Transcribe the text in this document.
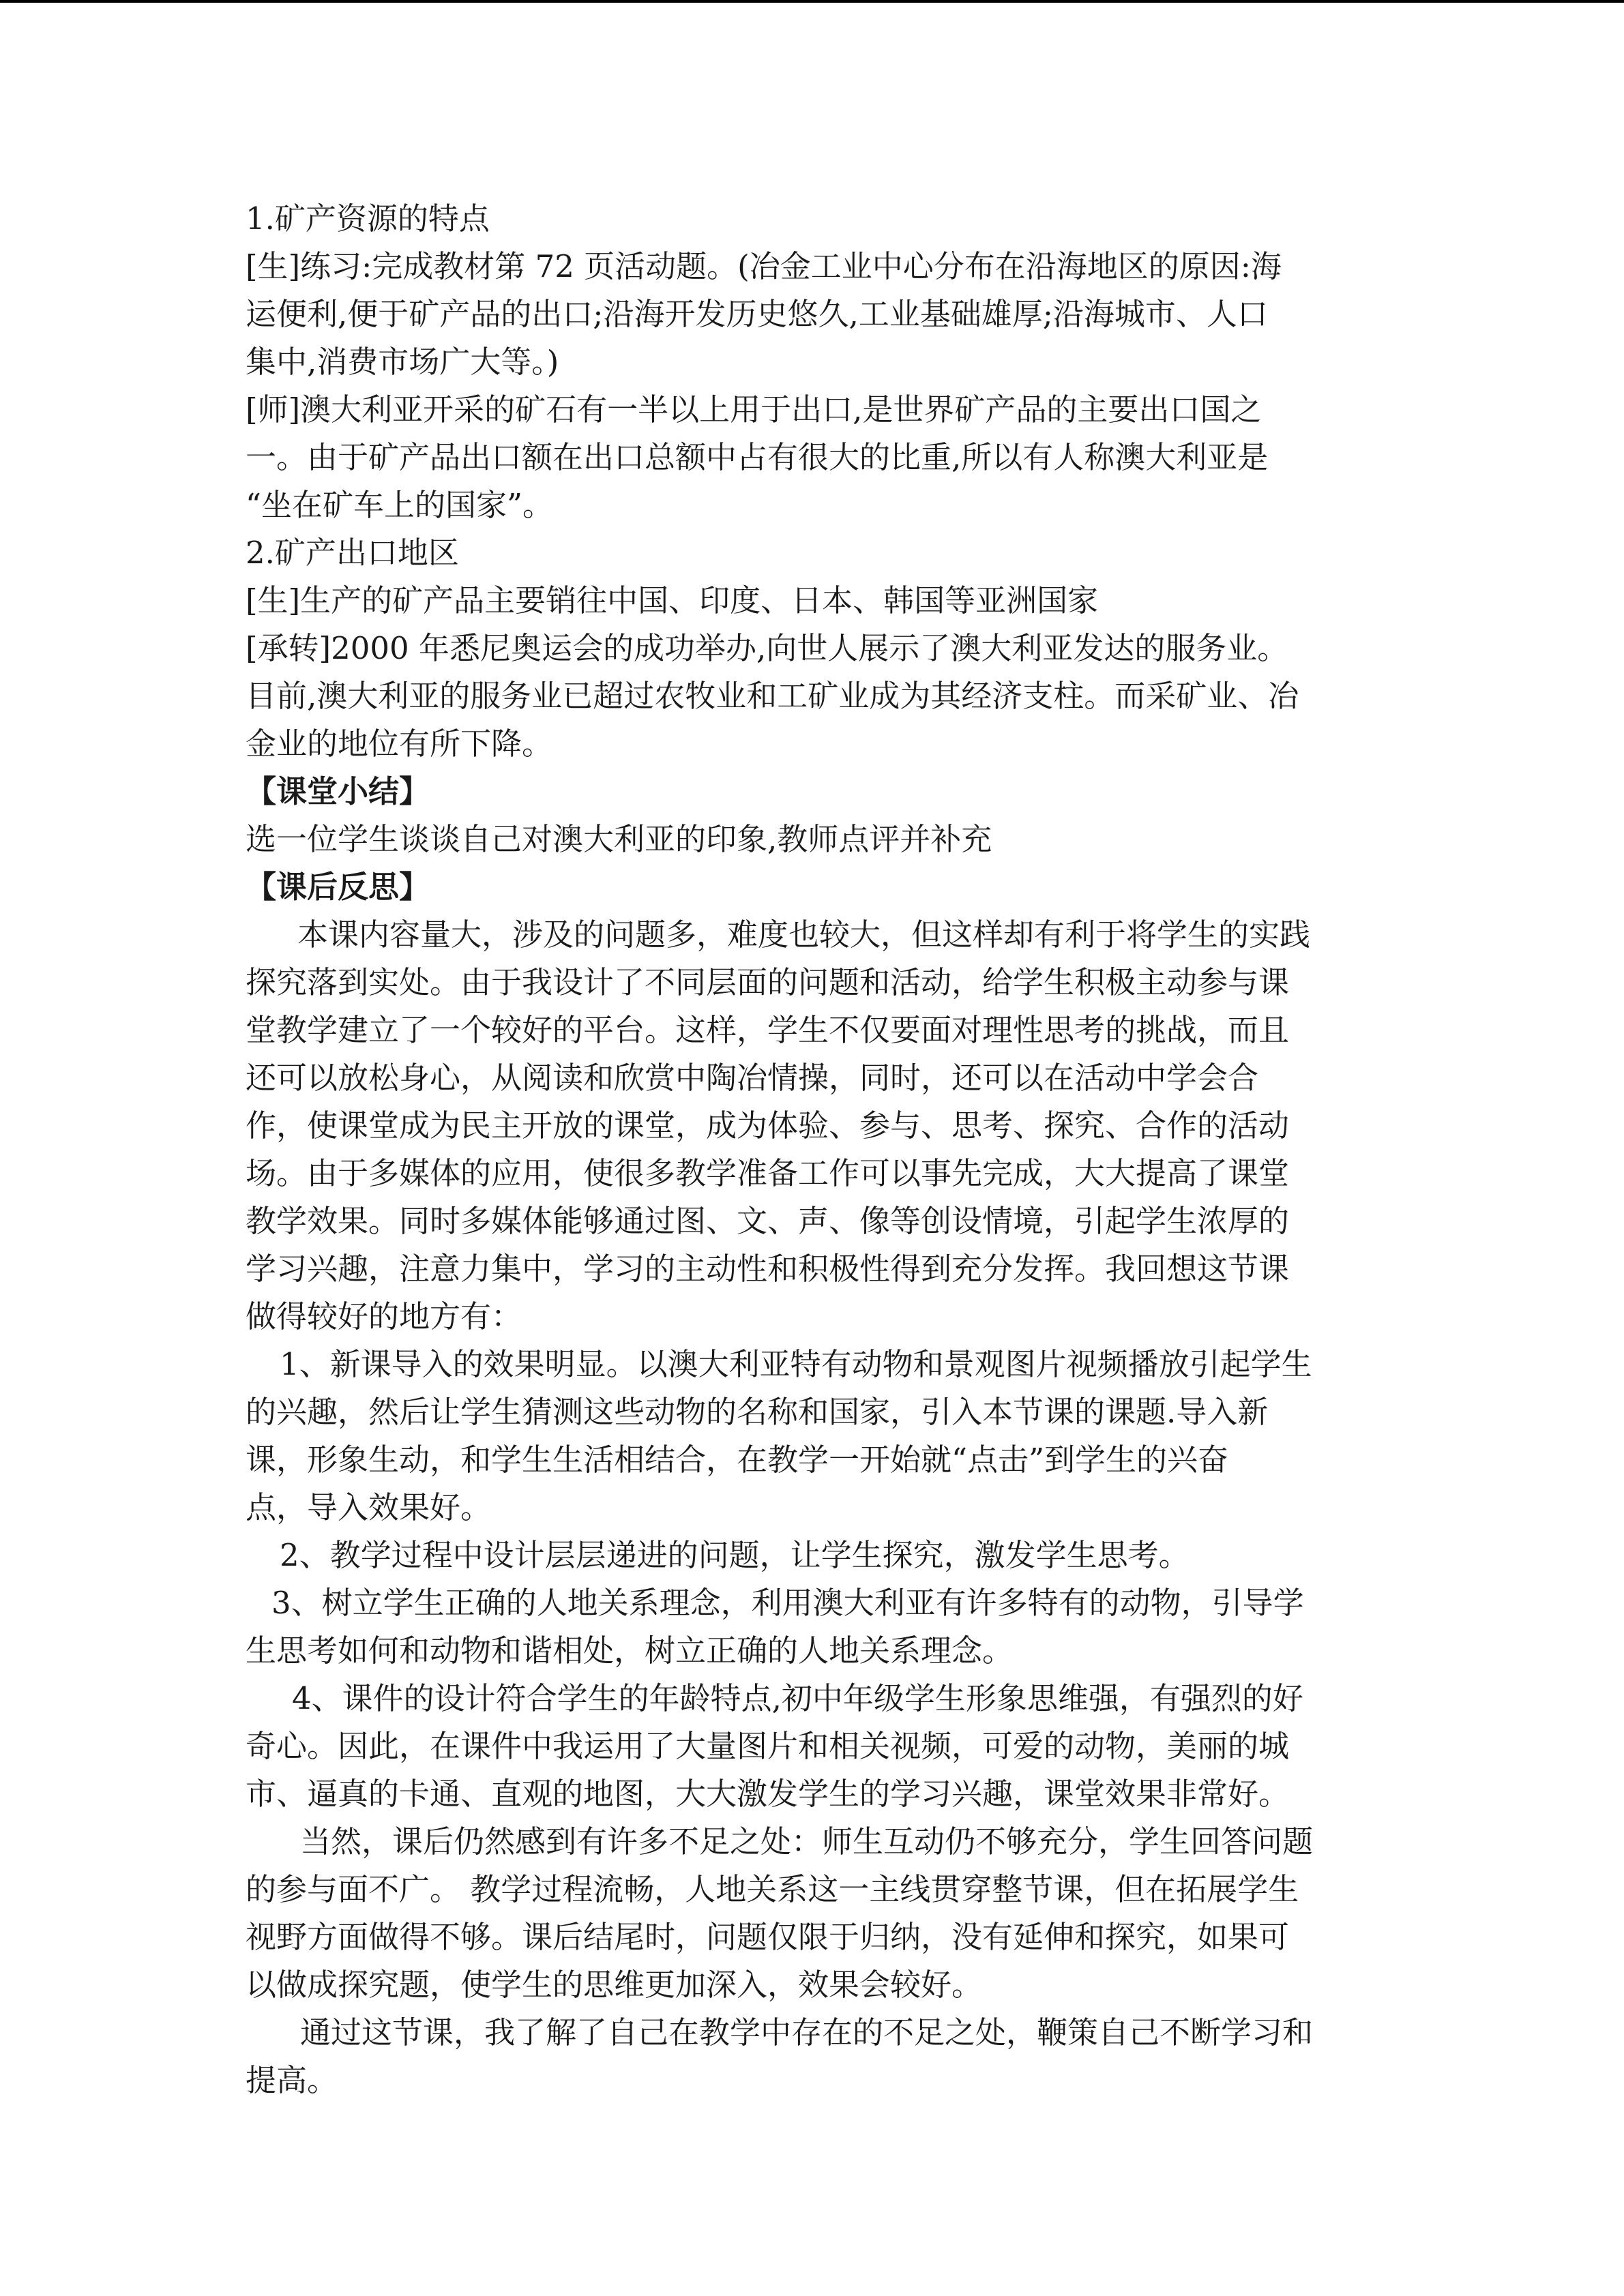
1.矿产资源的特点
[生]练习:完成教材第 72 页活动题。(冶金工业中心分布在沿海地区的原因:海
运便利,便于矿产品的出口;沿海开发历史悠久,工业基础雄厚;沿海城市、人口
集中,消费市场广大等。)
[师]澳大利亚开采的矿石有一半以上用于出口,是世界矿产品的主要出口国之
一。由于矿产品出口额在出口总额中占有很大的比重,所以有人称澳大利亚是
“坐在矿车上的国家”。
2.矿产出口地区
[生]生产的矿产品主要销往中国、印度、日本、韩国等亚洲国家
[承转]2000 年悉尼奥运会的成功举办,向世人展示了澳大利亚发达的服务业。
目前,澳大利亚的服务业已超过农牧业和工矿业成为其经济支柱。而采矿业、冶
金业的地位有所下降。
【课堂小结】
选一位学生谈谈自己对澳大利亚的印象,教师点评并补充
【课后反思】
本课内容量大，涉及的问题多，难度也较大，但这样却有利于将学生的实践
探究落到实处。由于我设计了不同层面的问题和活动，给学生积极主动参与课
堂教学建立了一个较好的平台。这样，学生不仅要面对理性思考的挑战，而且
还可以放松身心，从阅读和欣赏中陶冶情操，同时，还可以在活动中学会合
作，使课堂成为民主开放的课堂，成为体验、参与、思考、探究、合作的活动
场。由于多媒体的应用，使很多教学准备工作可以事先完成，大大提高了课堂
教学效果。同时多媒体能够通过图、文、声、像等创设情境，引起学生浓厚的
学习兴趣，注意力集中，学习的主动性和积极性得到充分发挥。我回想这节课
做得较好的地方有：
1、新课导入的效果明显。以澳大利亚特有动物和景观图片视频播放引起学生
的兴趣，然后让学生猜测这些动物的名称和国家，引入本节课的课题.导入新
课，形象生动，和学生生活相结合，在教学一开始就“点击”到学生的兴奋
点，导入效果好。
2、教学过程中设计层层递进的问题，让学生探究，激发学生思考。
3、树立学生正确的人地关系理念，利用澳大利亚有许多特有的动物，引导学
生思考如何和动物和谐相处，树立正确的人地关系理念。
4、课件的设计符合学生的年龄特点,初中年级学生形象思维强，有强烈的好
奇心。因此，在课件中我运用了大量图片和相关视频，可爱的动物，美丽的城
市、逼真的卡通、直观的地图，大大激发学生的学习兴趣，课堂效果非常好。
当然，课后仍然感到有许多不足之处：师生互动仍不够充分，学生回答问题
的参与面不广。 教学过程流畅，人地关系这一主线贯穿整节课，但在拓展学生
视野方面做得不够。课后结尾时，问题仅限于归纳，没有延伸和探究，如果可
以做成探究题，使学生的思维更加深入，效果会较好。
通过这节课，我了解了自己在教学中存在的不足之处，鞭策自己不断学习和
提高。
